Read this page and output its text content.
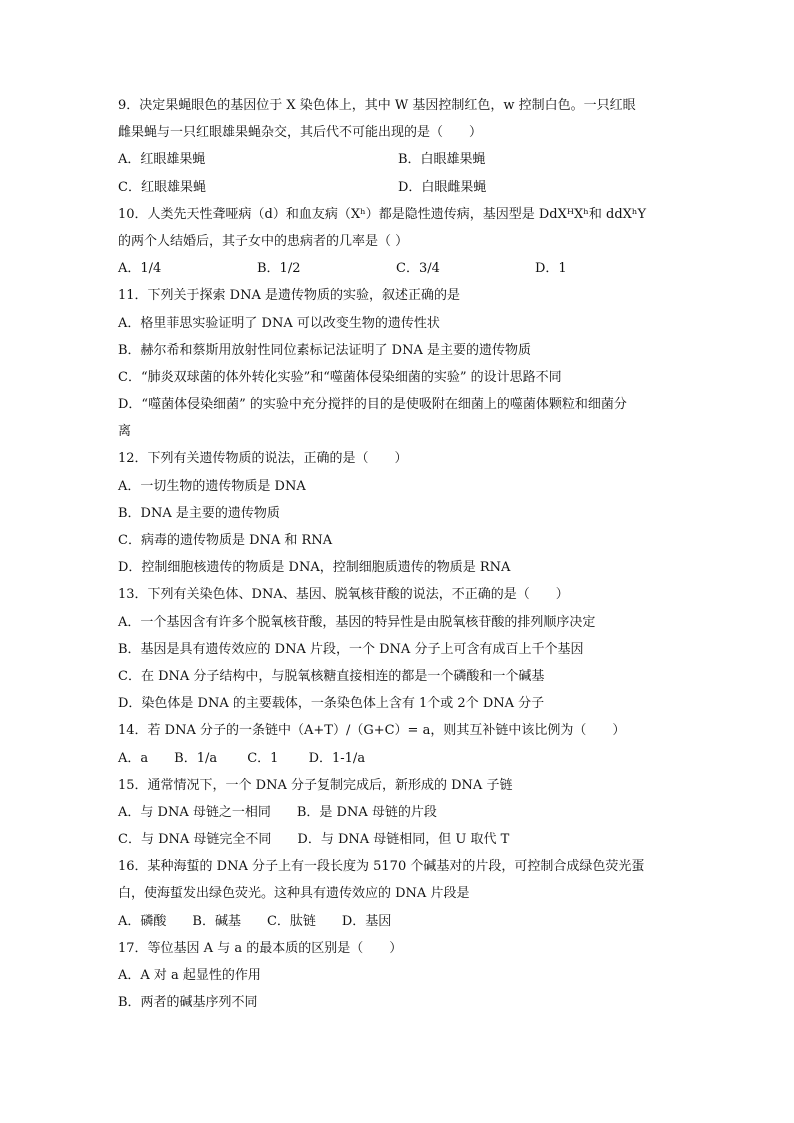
9．决定果蝇眼色的基因位于 X 染色体上，其中 W 基因控制红色，w 控制白色。一只红眼
雌果蝇与一只红眼雄果蝇杂交，其后代不可能出现的是（　　）
A．红眼雄果蝇	B．白眼雄果蝇
C．红眼雄果蝇	D．白眼雌果蝇
10．人类先天性聋哑病（d）和血友病（Xʰ）都是隐性遗传病，基因型是 DdXᴴXʰ和 ddXʰY
的两个人结婚后，其子女中的患病者的几率是（ ）
A．1/4	B．1/2	C．3/4	D．1
11．下列关于探索 DNA 是遗传物质的实验，叙述正确的是
A．格里菲思实验证明了 DNA 可以改变生物的遗传性状
B．赫尔希和蔡斯用放射性同位素标记法证明了 DNA 是主要的遗传物质
C．“肺炎双球菌的体外转化实验”和“噬菌体侵染细菌的实验” 的设计思路不同
D．“噬菌体侵染细菌” 的实验中充分搅拌的目的是使吸附在细菌上的噬菌体颗粒和细菌分
离
12．下列有关遗传物质的说法，正确的是（　　）
A．一切生物的遗传物质是 DNA
B．DNA 是主要的遗传物质
C．病毒的遗传物质是 DNA 和 RNA
D．控制细胞核遗传的物质是 DNA，控制细胞质遗传的物质是 RNA
13．下列有关染色体、DNA、基因、脱氧核苷酸的说法，不正确的是（　　）
A．一个基因含有许多个脱氧核苷酸，基因的特异性是由脱氧核苷酸的排列顺序决定
B．基因是具有遗传效应的 DNA 片段，一个 DNA 分子上可含有成百上千个基因
C．在 DNA 分子结构中，与脱氧核糖直接相连的都是一个磷酸和一个碱基
D．染色体是 DNA 的主要载体，一条染色体上含有 1个或 2个 DNA 分子
14．若 DNA 分子的一条链中（A+T）/（G+C）= a，则其互补链中该比例为（　　）
A．a　　B．1/a　　 C．1　　 D．1-1/a
15．通常情况下，一个 DNA 分子复制完成后，新形成的 DNA 子链
A．与 DNA 母链之一相同　　B．是 DNA 母链的片段
C．与 DNA 母链完全不同　　D．与 DNA 母链相同，但 U 取代 T
16．某种海蜇的 DNA 分子上有一段长度为 5170 个碱基对的片段，可控制合成绿色荧光蛋
白，使海蜇发出绿色荧光。这种具有遗传效应的 DNA 片段是
A．磷酸　　B．碱基　　C．肽链　　D．基因
17．等位基因 A 与 a 的最本质的区别是（　　）
A．A 对 a 起显性的作用
B．两者的碱基序列不同
